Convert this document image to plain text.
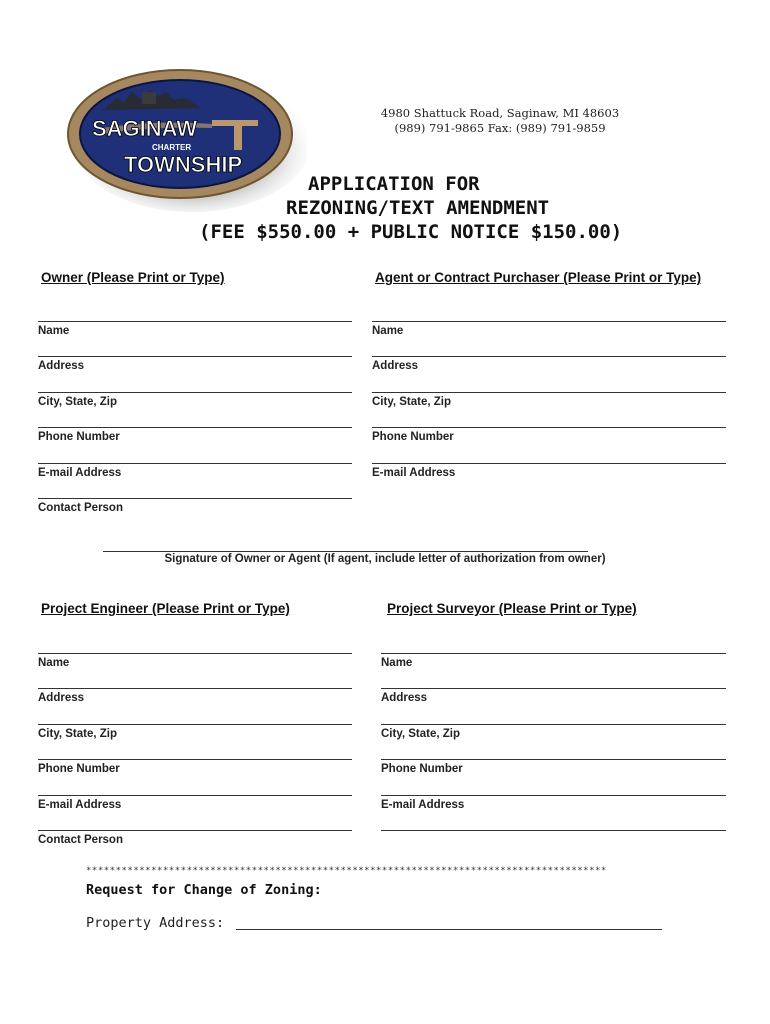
SAGINAW
CHARTER
TOWNSHIP
4980 Shattuck Road, Saginaw, MI 48603
(989) 791-9865 Fax: (989) 791-9859
APPLICATION FOR
REZONING/TEXT AMENDMENT
(FEE $550.00 + PUBLIC NOTICE $150.00)
Owner (Please Print or Type)	Agent or Contract Purchaser (Please Print or Type)
Name
Address
City, State, Zip
Phone Number
E-mail Address
Contact Person
Name
Address
City, State, Zip
Phone Number
E-mail Address
Signature of Owner or Agent (If agent, include letter of authorization from owner)
Project Engineer (Please Print or Type)	Project Surveyor (Please Print or Type)
Name
Address
City, State, Zip
Phone Number
E-mail Address
Contact Person
Name
Address
City, State, Zip
Phone Number
E-mail Address
****************************************************************************************
Request for Change of Zoning:
Property Address:
